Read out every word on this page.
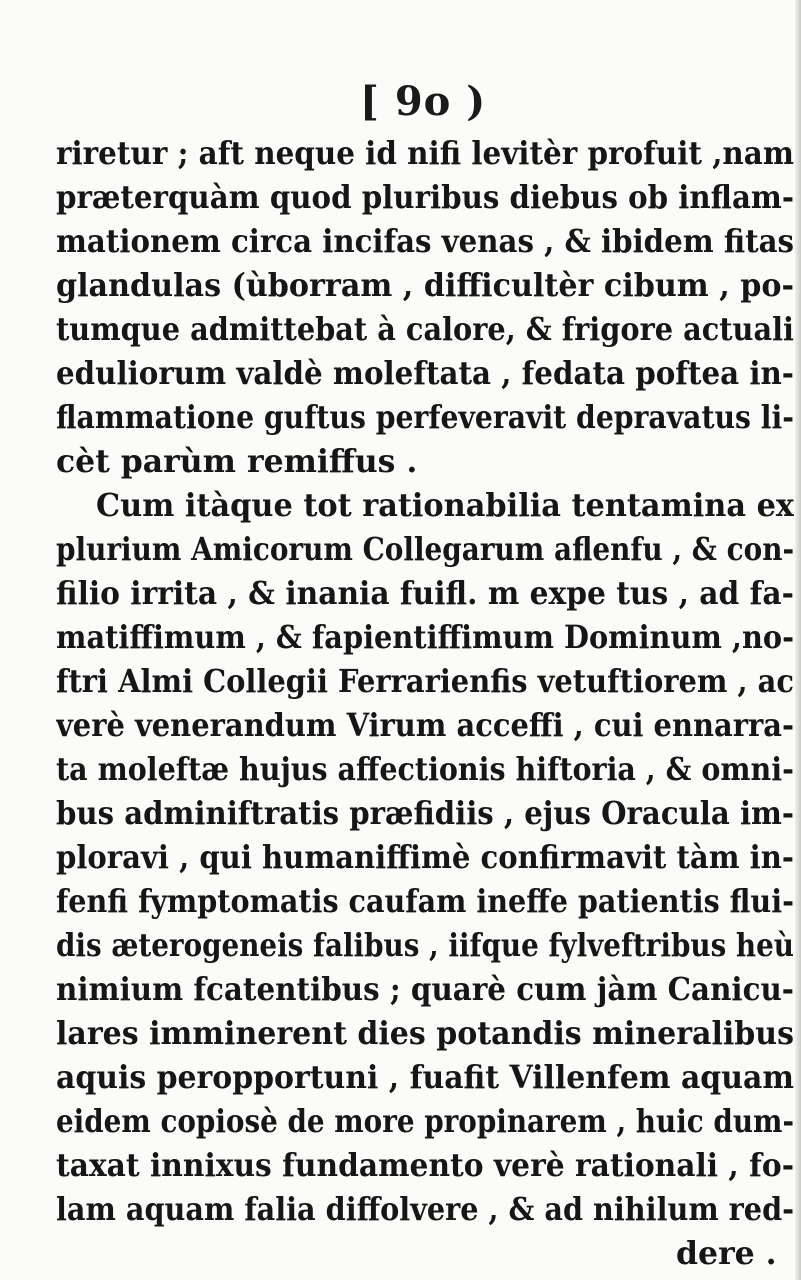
[ 9o )
riretur ; aft neque id nifi levitèr profuit ,nam
præterquàm quod pluribus diebus ob inflam-
mationem circa incifas venas , & ibidem fitas
glandulas (ùborram , difficultèr cibum , po-
tumque admittebat à calore, & frigore actuali
eduliorum valdè moleftata , fedata poftea in-
flammatione guftus perfeveravit depravatus li-
cèt parùm remiffus .
Cum itàque tot rationabilia tentamina ex
plurium Amicorum Collegarum aflenfu , & con-
filio irrita , & inania fuifl. m expe tus , ad fa-
matiffimum , & fapientiffimum Dominum ,no-
ftri Almi Collegii Ferrarienfis vetuftiorem , ac
verè venerandum Virum acceffi , cui ennarra-
ta moleftæ hujus affectionis hiftoria , & omni-
bus adminiftratis præfidiis , ejus Oracula im-
ploravi , qui humaniffimè confirmavit tàm in-
fenfi fymptomatis caufam ineffe patientis flui-
dis æterogeneis falibus , iifque fylveftribus heù
nimium fcatentibus ; quarè cum jàm Canicu-
lares imminerent dies potandis mineralibus
aquis peropportuni , fuafit Villenfem aquam
eidem copiosè de more propinarem , huic dum-
taxat innixus fundamento verè rationali , fo-
lam aquam falia diffolvere , & ad nihilum red-
dere .
